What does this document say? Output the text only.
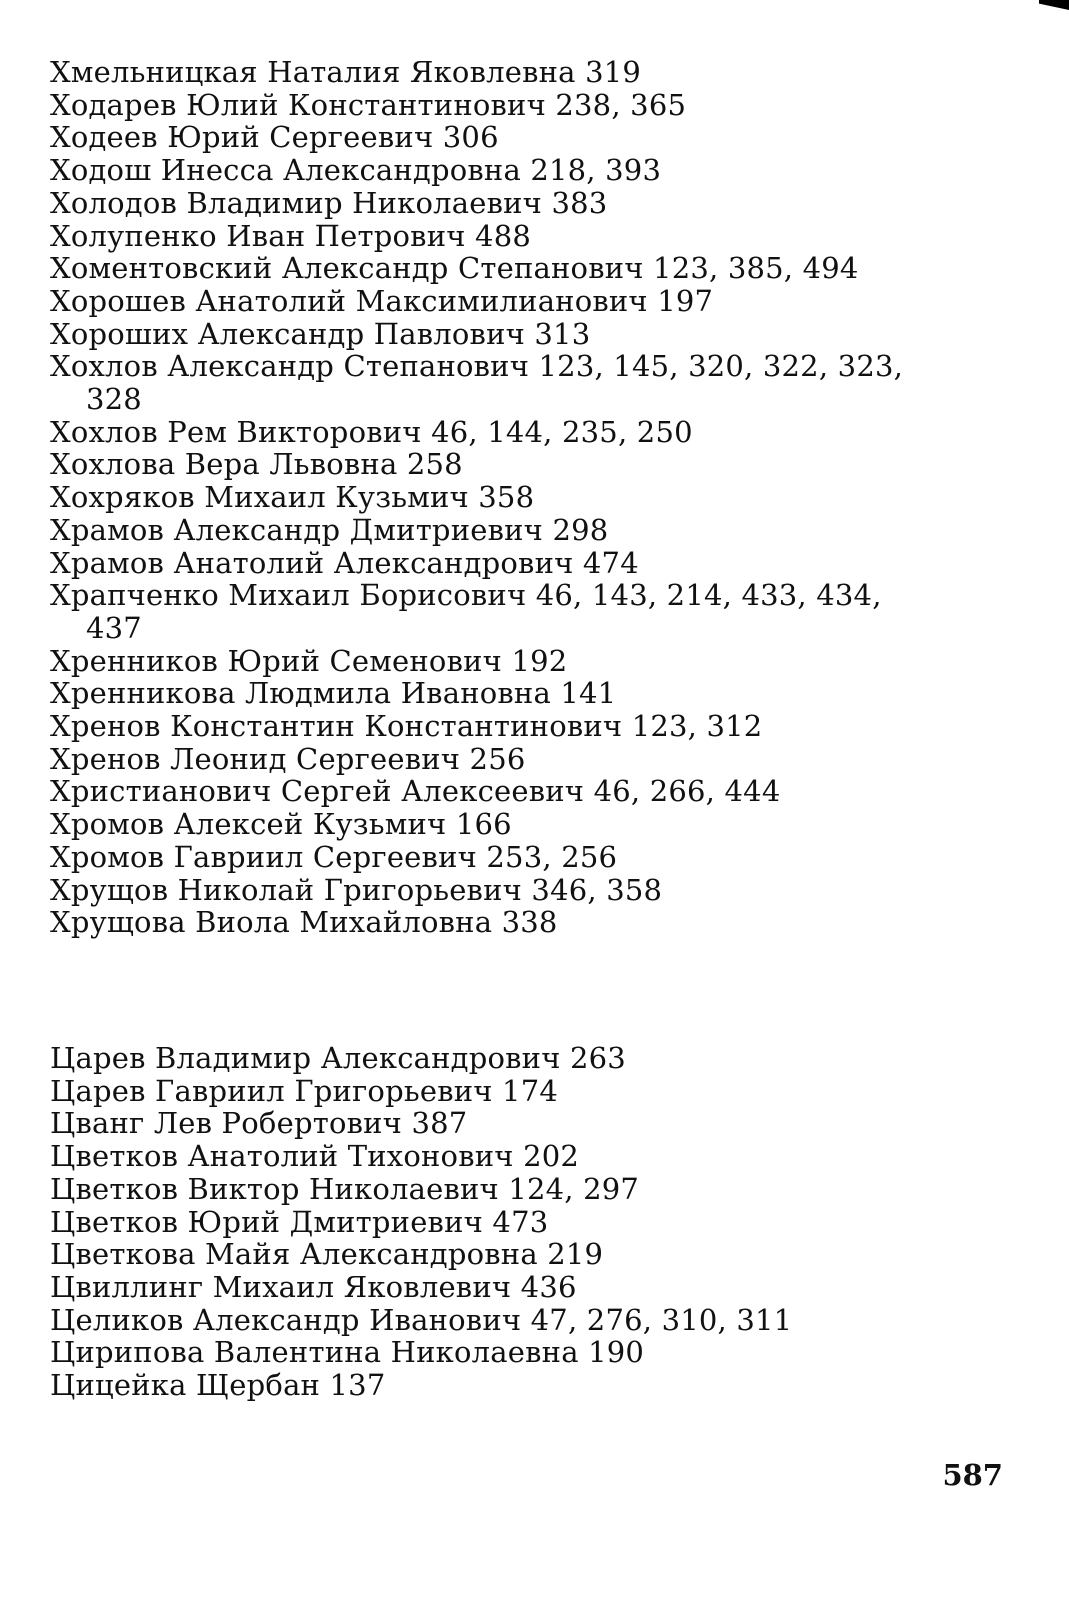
Хмельницкая Наталия Яковлевна 319
Ходарев Юлий Константинович 238, 365
Ходеев Юрий Сергеевич 306
Ходош Инесса Александровна 218, 393
Холодов Владимир Николаевич 383
Холупенко Иван Петрович 488
Хоментовский Александр Степанович 123, 385, 494
Хорошев Анатолий Максимилианович 197
Хороших Александр Павлович 313
Хохлов Александр Степанович 123, 145, 320, 322, 323,
328
Хохлов Рем Викторович 46, 144, 235, 250
Хохлова Вера Львовна 258
Хохряков Михаил Кузьмич 358
Храмов Александр Дмитриевич 298
Храмов Анатолий Александрович 474
Храпченко Михаил Борисович 46, 143, 214, 433, 434,
437
Хренников Юрий Семенович 192
Хренникова Людмила Ивановна 141
Хренов Константин Константинович 123, 312
Хренов Леонид Сергеевич 256
Христианович Сергей Алексеевич 46, 266, 444
Хромов Алексей Кузьмич 166
Хромов Гавриил Сергеевич 253, 256
Хрущов Николай Григорьевич 346, 358
Хрущова Виола Михайловна 338
Царев Владимир Александрович 263
Царев Гавриил Григорьевич 174
Цванг Лев Робертович 387
Цветков Анатолий Тихонович 202
Цветков Виктор Николаевич 124, 297
Цветков Юрий Дмитриевич 473
Цветкова Майя Александровна 219
Цвиллинг Михаил Яковлевич 436
Целиков Александр Иванович 47, 276, 310, 311
Цирипова Валентина Николаевна 190
Цицейка Щербан 137
587
